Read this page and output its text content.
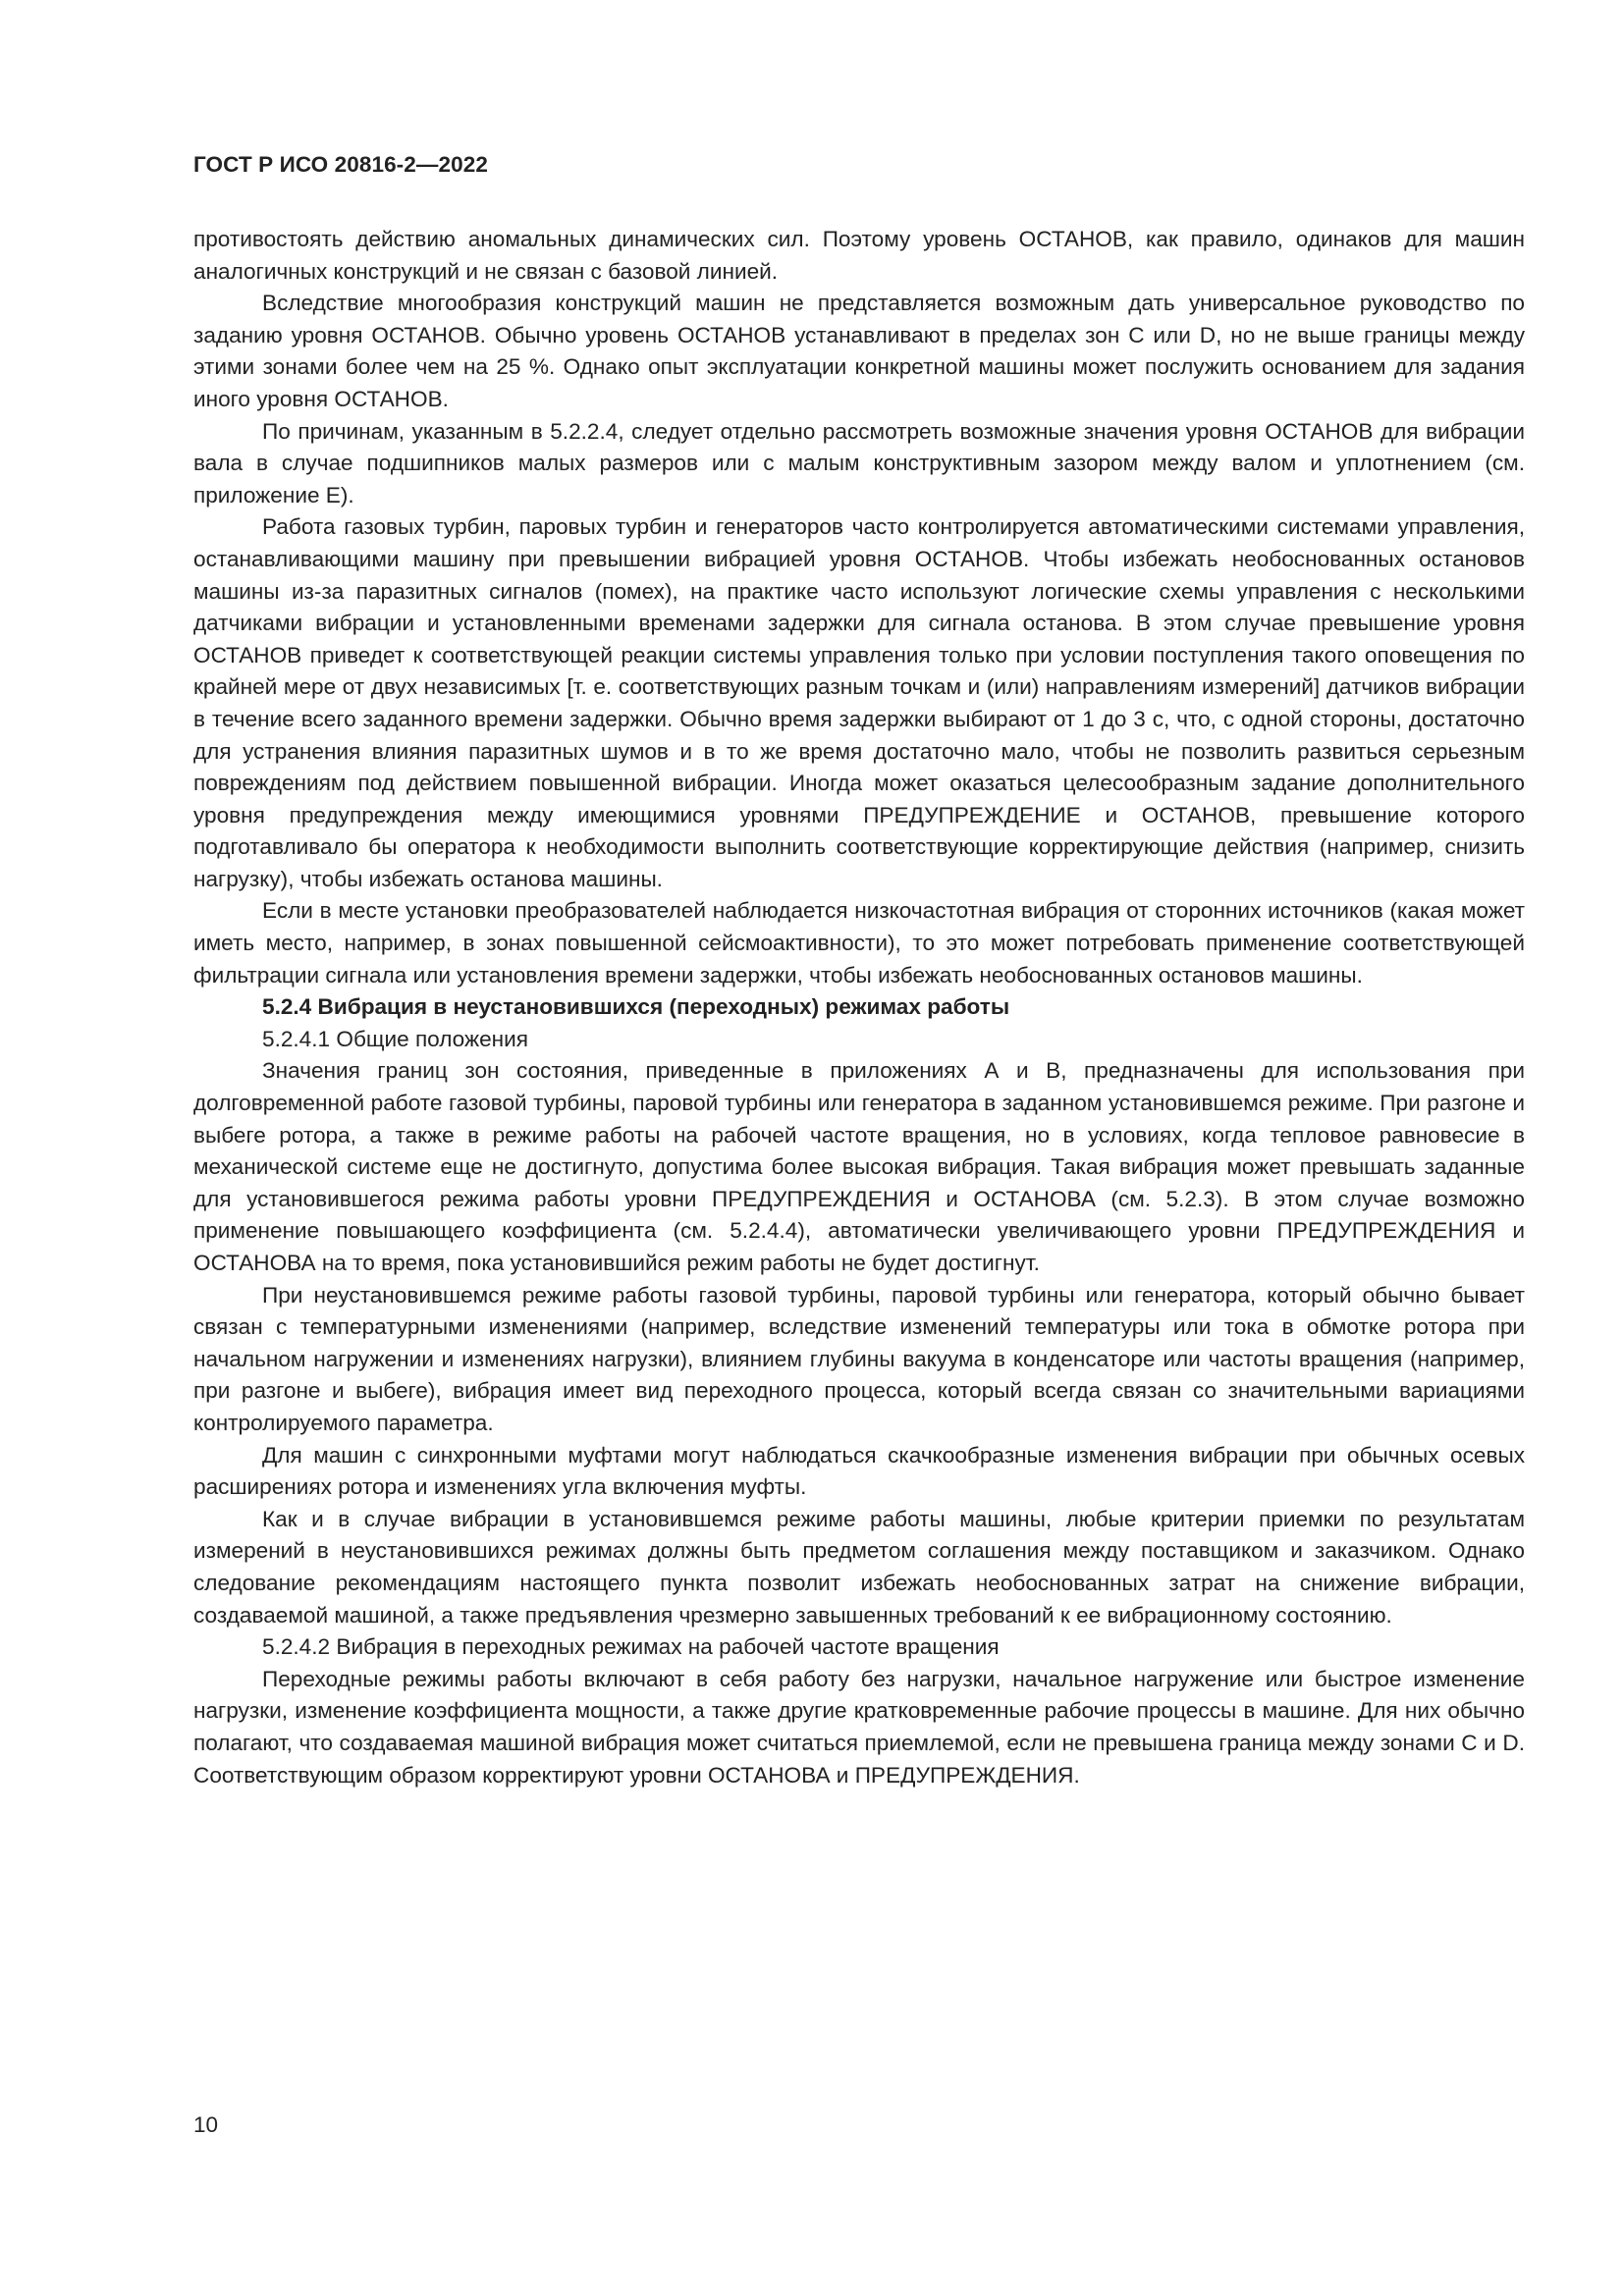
ГОСТ Р ИСО 20816-2—2022

противостоять действию аномальных динамических сил. Поэтому уровень ОСТАНОВ, как правило, одинаков для машин аналогичных конструкций и не связан с базовой линией.

Вследствие многообразия конструкций машин не представляется возможным дать универсальное руководство по заданию уровня ОСТАНОВ. Обычно уровень ОСТАНОВ устанавливают в пределах зон C или D, но не выше границы между этими зонами более чем на 25 %. Однако опыт эксплуатации конкретной машины может послужить основанием для задания иного уровня ОСТАНОВ.

По причинам, указанным в 5.2.2.4, следует отдельно рассмотреть возможные значения уровня ОСТАНОВ для вибрации вала в случае подшипников малых размеров или с малым конструктивным зазором между валом и уплотнением (см. приложение E).

Работа газовых турбин, паровых турбин и генераторов часто контролируется автоматическими системами управления, останавливающими машину при превышении вибрацией уровня ОСТАНОВ. Чтобы избежать необоснованных остановов машины из-за паразитных сигналов (помех), на практике часто используют логические схемы управления с несколькими датчиками вибрации и установленными временами задержки для сигнала останова. В этом случае превышение уровня ОСТАНОВ приведет к соответствующей реакции системы управления только при условии поступления такого оповещения по крайней мере от двух независимых [т. е. соответствующих разным точкам и (или) направлениям измерений] датчиков вибрации в течение всего заданного времени задержки. Обычно время задержки выбирают от 1 до 3 с, что, с одной стороны, достаточно для устранения влияния паразитных шумов и в то же время достаточно мало, чтобы не позволить развиться серьезным повреждениям под действием повышенной вибрации. Иногда может оказаться целесообразным задание дополнительного уровня предупреждения между имеющимися уровнями ПРЕДУПРЕЖДЕНИЕ и ОСТАНОВ, превышение которого подготавливало бы оператора к необходимости выполнить соответствующие корректирующие действия (например, снизить нагрузку), чтобы избежать останова машины.

Если в месте установки преобразователей наблюдается низкочастотная вибрация от сторонних источников (какая может иметь место, например, в зонах повышенной сейсмоактивности), то это может потребовать применение соответствующей фильтрации сигнала или установления времени задержки, чтобы избежать необоснованных остановов машины.

5.2.4 Вибрация в неустановившихся (переходных) режимах работы

5.2.4.1 Общие положения

Значения границ зон состояния, приведенные в приложениях А и В, предназначены для использования при долговременной работе газовой турбины, паровой турбины или генератора в заданном установившемся режиме. При разгоне и выбеге ротора, а также в режиме работы на рабочей частоте вращения, но в условиях, когда тепловое равновесие в механической системе еще не достигнуто, допустима более высокая вибрация. Такая вибрация может превышать заданные для установившегося режима работы уровни ПРЕДУПРЕЖДЕНИЯ и ОСТАНОВА (см. 5.2.3). В этом случае возможно применение повышающего коэффициента (см. 5.2.4.4), автоматически увеличивающего уровни ПРЕДУПРЕЖДЕНИЯ и ОСТАНОВА на то время, пока установившийся режим работы не будет достигнут.

При неустановившемся режиме работы газовой турбины, паровой турбины или генератора, который обычно бывает связан с температурными изменениями (например, вследствие изменений температуры или тока в обмотке ротора при начальном нагружении и изменениях нагрузки), влиянием глубины вакуума в конденсаторе или частоты вращения (например, при разгоне и выбеге), вибрация имеет вид переходного процесса, который всегда связан со значительными вариациями контролируемого параметра.

Для машин с синхронными муфтами могут наблюдаться скачкообразные изменения вибрации при обычных осевых расширениях ротора и изменениях угла включения муфты.

Как и в случае вибрации в установившемся режиме работы машины, любые критерии приемки по результатам измерений в неустановившихся режимах должны быть предметом соглашения между поставщиком и заказчиком. Однако следование рекомендациям настоящего пункта позволит избежать необоснованных затрат на снижение вибрации, создаваемой машиной, а также предъявления чрезмерно завышенных требований к ее вибрационному состоянию.

5.2.4.2 Вибрация в переходных режимах на рабочей частоте вращения

Переходные режимы работы включают в себя работу без нагрузки, начальное нагружение или быстрое изменение нагрузки, изменение коэффициента мощности, а также другие кратковременные рабочие процессы в машине. Для них обычно полагают, что создаваемая машиной вибрация может считаться приемлемой, если не превышена граница между зонами С и D. Соответствующим образом корректируют уровни ОСТАНОВА и ПРЕДУПРЕЖДЕНИЯ.

10
